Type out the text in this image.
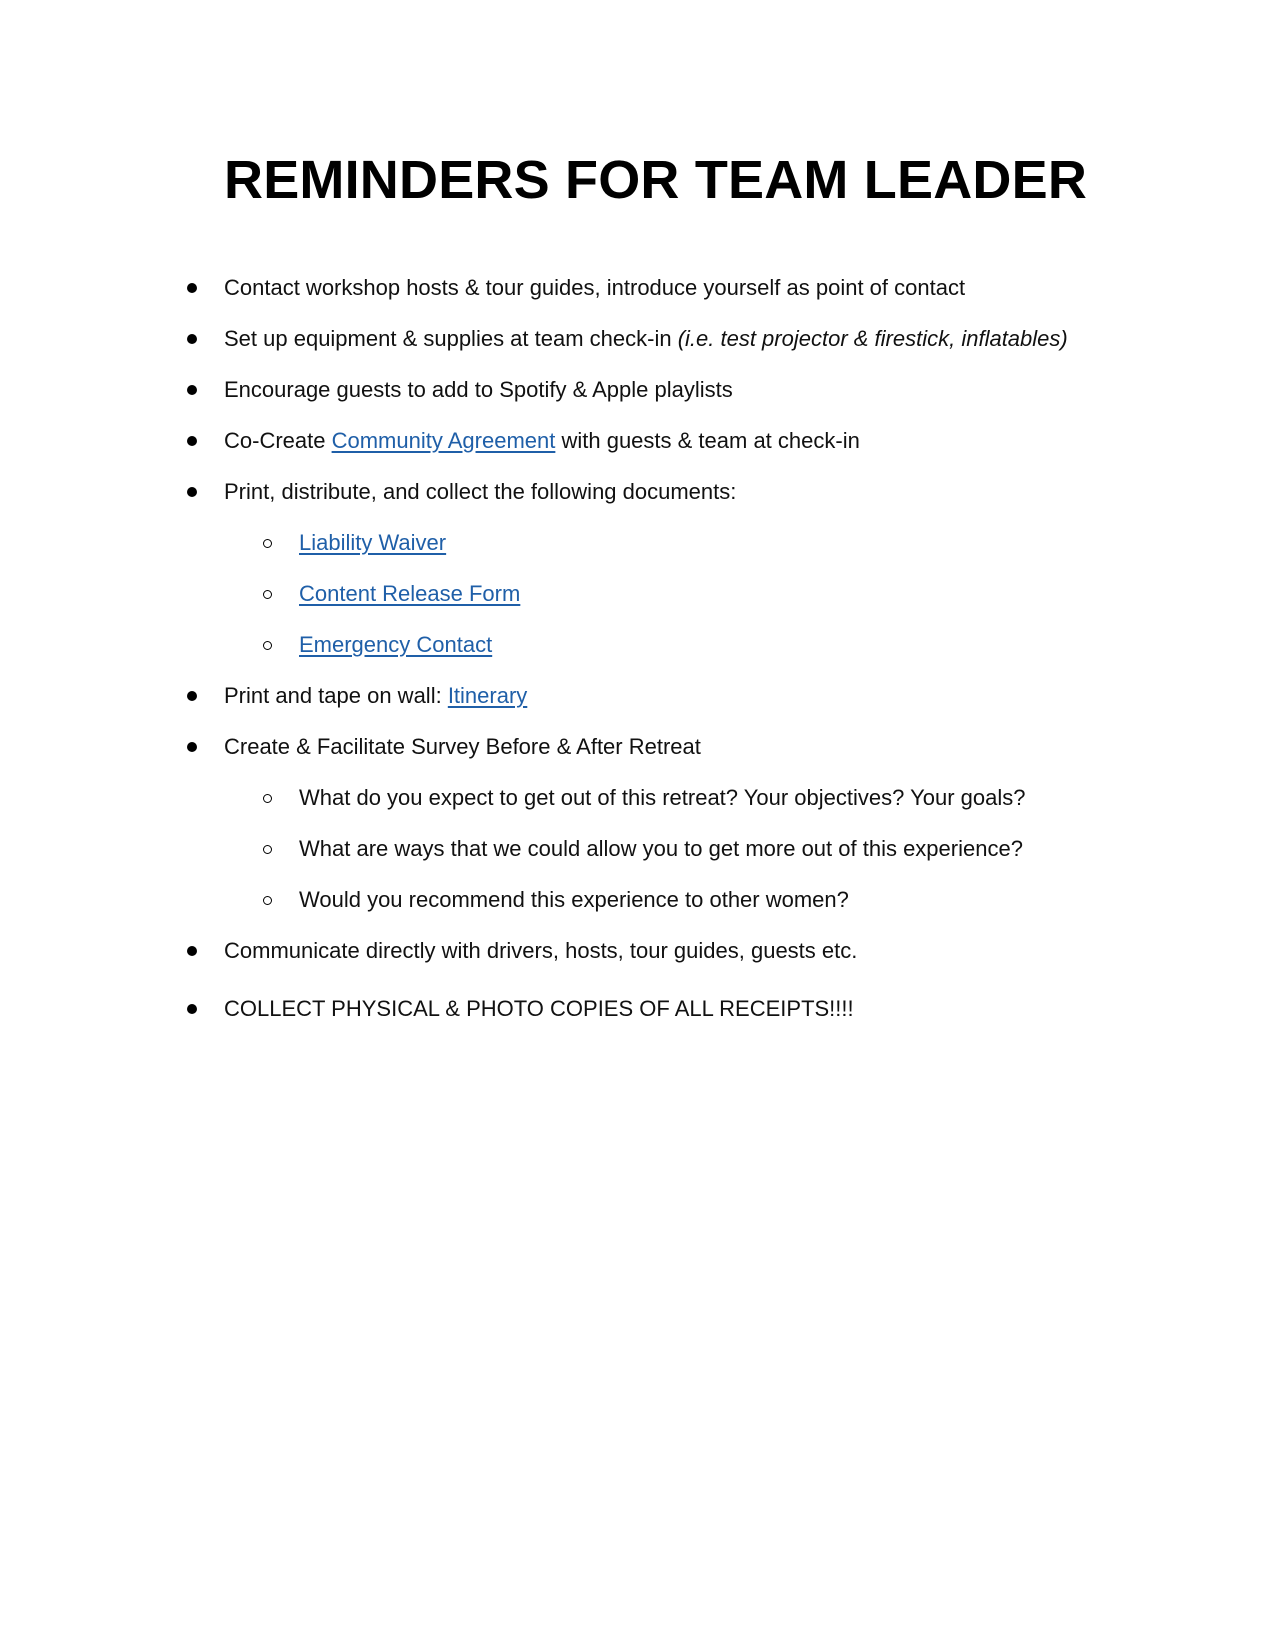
REMINDERS FOR TEAM LEADER
Contact workshop hosts & tour guides, introduce yourself as point of contact
Set up equipment & supplies at team check-in (i.e. test projector & firestick, inflatables)
Encourage guests to add to Spotify & Apple playlists
Co-Create Community Agreement with guests & team at check-in
Print, distribute, and collect the following documents:
Liability Waiver
Content Release Form
Emergency Contact
Print and tape on wall: Itinerary
Create & Facilitate Survey Before & After Retreat
What do you expect to get out of this retreat? Your objectives? Your goals?
What are ways that we could allow you to get more out of this experience?
Would you recommend this experience to other women?
Communicate directly with drivers, hosts, tour guides, guests etc.
COLLECT PHYSICAL & PHOTO COPIES OF ALL RECEIPTS!!!!
